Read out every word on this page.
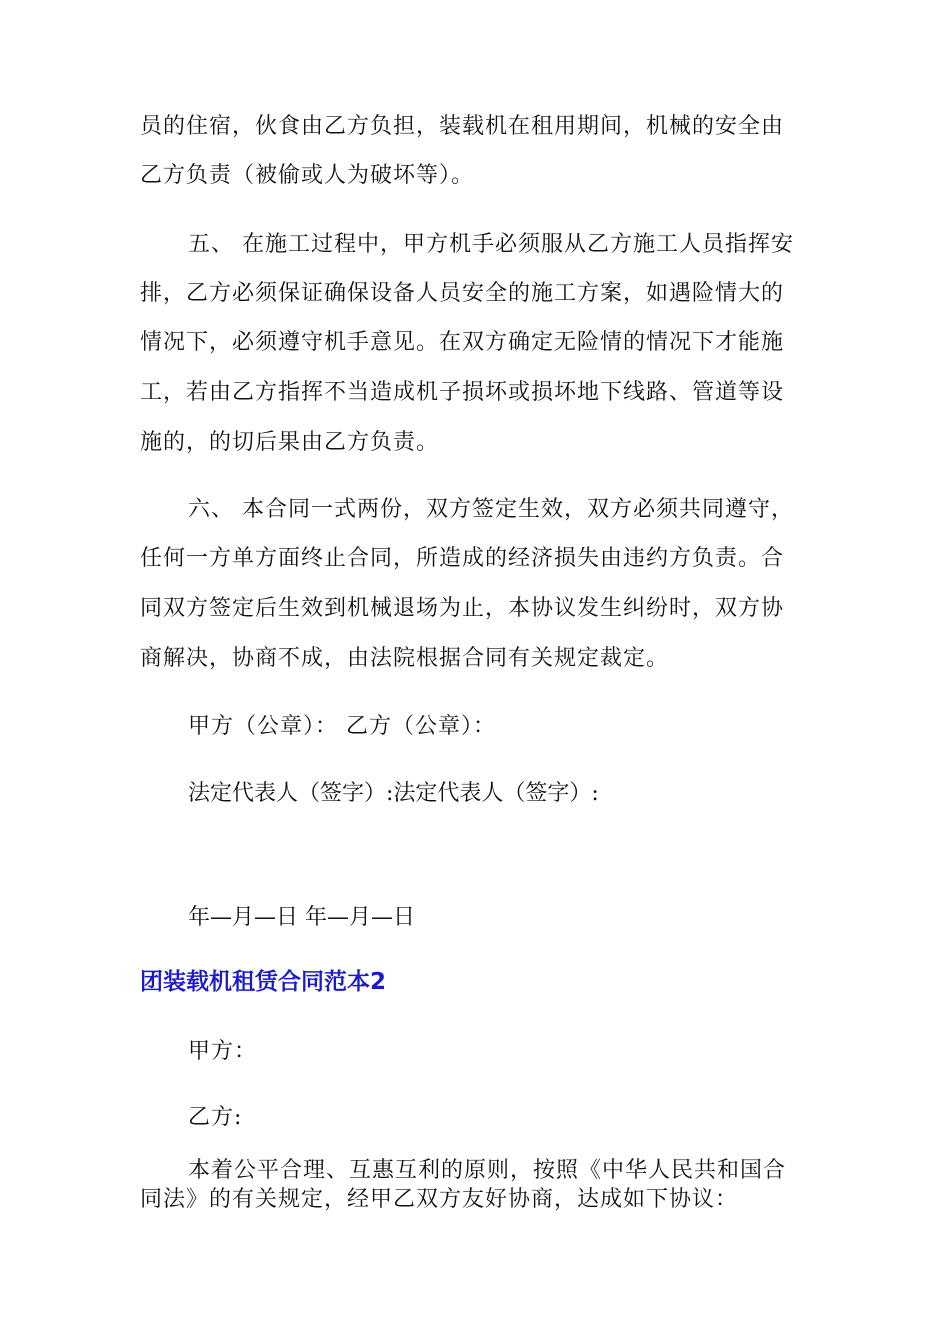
员的住宿，伙食由乙方负担，装载机在租用期间，机械的安全由
乙方负责（被偷或人为破坏等）。
五、 在施工过程中，甲方机手必须服从乙方施工人员指挥安
排，乙方必须保证确保设备人员安全的施工方案，如遇险情大的
情况下，必须遵守机手意见。在双方确定无险情的情况下才能施
工，若由乙方指挥不当造成机子损坏或损坏地下线路、管道等设
施的，的切后果由乙方负责。
六、 本合同一式两份，双方签定生效，双方必须共同遵守，
任何一方单方面终止合同，所造成的经济损失由违约方负责。合
同双方签定后生效到机械退场为止，本协议发生纠纷时，双方协
商解决，协商不成，由法院根据合同有关规定裁定。
甲方（公章）： 乙方（公章）：
法定代表人（签字）:法定代表人（签字）:
年—月—日 年—月—日
团装载机租赁合同范本2
甲方：
乙方:
本着公平合理、互惠互利的原则，按照《中华人民共和国合
同法》的有关规定，经甲乙双方友好协商，达成如下协议：
